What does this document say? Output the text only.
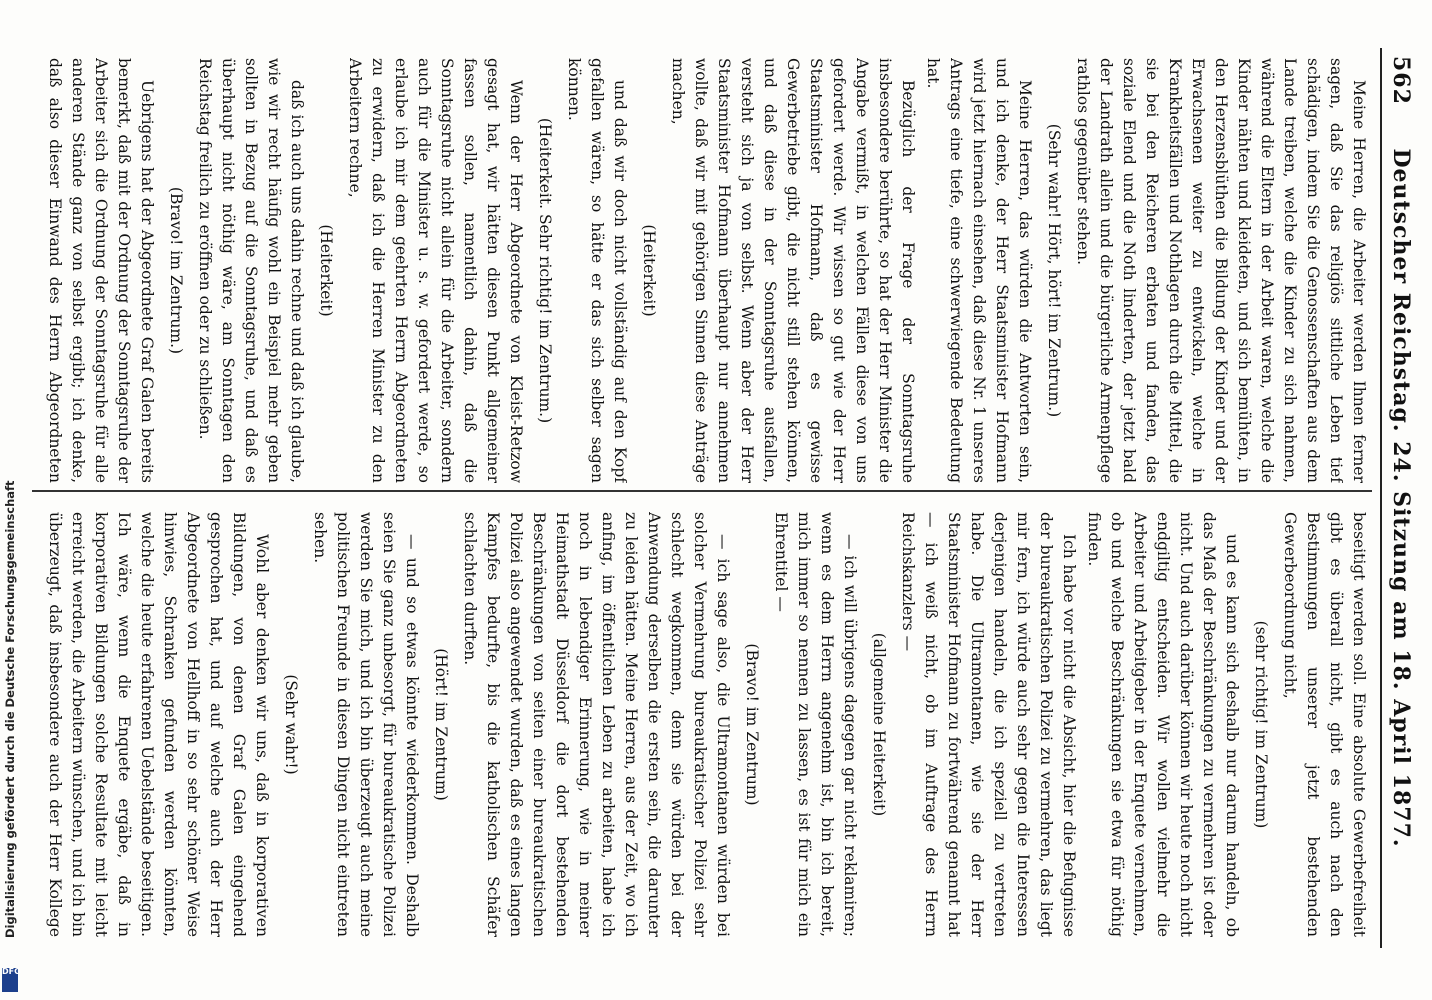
562
Deutscher Reichstag. 24. Sitzung am 18. April 1877.

Meine Herren, die Arbeiter werden Ihnen ferner sagen, daß Sie das religiös sittliche Leben tief schädigen, indem Sie die Genossenschaften aus dem Lande treiben, welche die Kinder zu sich nahmen, während die Eltern in der Arbeit waren, welche die Kinder nähten und kleideten, und sich bemühten, in den Herzensblüthen die Bildung der Kinder und der Erwachsenen weiter zu entwickeln, welche in Krankheitsfällen und Nothlagen durch die Mittel, die sie bei den Reicheren erbaten und fanden, das soziale Elend und die Noth linderten, der jetzt bald der Landrath allein und die bürgerliche Armenpflege rathlos gegenüber stehen.

(Sehr wahr! Hört, hört! im Zentrum.)

Meine Herren, das würden die Antworten sein, und ich denke, der Herr Staatsminister Hofmann wird jetzt hiernach einsehen, daß diese Nr. 1 unseres Antrags eine tiefe, eine schwerwiegende Bedeutung hat.

Bezüglich der Frage der Sonntagsruhe insbesondere berührte, so hat der Herr Minister die Angabe vermißt, in welchen Fällen diese von uns gefordert werde. Wir wissen so gut wie der Herr Staatsminister Hofmann, daß es gewisse Gewerbetriebe gibt, die nicht still stehen können, und daß diese in der Sonntagsruhe ausfallen, versteht sich ja von selbst. Wenn aber der Herr Staatsminister Hofmann überhaupt nur annehmen wollte, daß wir mit gehörigen Sinnen diese Anträge machen,

(Heiterkeit)

und daß wir doch nicht vollständig auf den Kopf gefallen wären, so hätte er das sich selber sagen können.

(Heiterkeit. Sehr richtig! im Zentrum.)

Wenn der Herr Abgeordnete von Kleist-Retzow gesagt hat, wir hätten diesen Punkt allgemeiner fassen sollen, namentlich dahin, daß die Sonntagsruhe nicht allein für die Arbeiter, sondern auch für die Minister u. s. w. gefordert werde, so erlaube ich mir dem geehrten Herrn Abgeordneten zu erwidern, daß ich die Herren Minister zu den Arbeitern rechne,

(Heiterkeit)

daß ich auch uns dahin rechne und daß ich glaube, wie wir recht häufig wohl ein Beispiel mehr geben sollten in Bezug auf die Sonntagsruhe, und daß es überhaupt nicht nöthig wäre, am Sonntagen den Reichstag freilich zu eröffnen oder zu schließen.

(Bravo! im Zentrum.)

Uebrigens hat der Abgeordnete Graf Galen bereits bemerkt, daß mit der Ordnung der Sonntagsruhe der Arbeiter sich die Ordnung der Sonntagsruhe für alle anderen Stände ganz von selbst ergibt; ich denke, daß also dieser Einwand des Herrn Abgeordneten

beseitigt werden soll. Eine absolute Gewerbefreiheit gibt es überall nicht, gibt es auch nach den Bestimmungen unserer jetzt bestehenden Gewerbeordnung nicht,

(sehr richtig! im Zentrum)

und es kann sich deshalb nur darum handeln, ob das Maß der Beschränkungen zu vermehren ist oder nicht. Und auch darüber können wir heute noch nicht endgiltig entscheiden. Wir wollen vielmehr die Arbeiter und Arbeitgeber in der Enquete vernehmen, ob und welche Beschränkungen sie etwa für nöthig finden.

Ich habe vor nicht die Absicht, hier die Befugnisse der bureaukratischen Polizei zu vermehren, das liegt mir fern, ich würde auch sehr gegen die Interessen derjenigen handeln, die ich speziell zu vertreten habe. Die Ultramontanen, wie sie der Herr Staatsminister Hofmann zu fortwährend genannt hat — ich weiß nicht, ob im Auftrage des Herrn Reichskanzlers —

(allgemeine Heiterkeit)

— ich will übrigens dagegen gar nicht reklamiren; wenn es dem Herrn angenehm ist, bin ich bereit, mich immer so nennen zu lassen, es ist für mich ein Ehrentitel —

(Bravo! im Zentrum)

— ich sage also, die Ultramontanen würden bei solcher Vermehrung bureaukratischer Polizei sehr schlecht wegkommen, denn sie würden bei der Anwendung derselben die ersten sein, die darunter zu leiden hätten. Meine Herren, aus der Zeit, wo ich anfing, im öffentlichen Leben zu arbeiten, habe ich noch in lebendiger Erinnerung, wie in meiner Heimathstadt Düsseldorf die dort bestehenden Beschränkungen von seiten einer bureaukratischen Polizei also angewendet wurden, daß es eines langen Kampfes bedurfte, bis die katholischen Schäfer schlachten durften.

(Hört! im Zentrum)

— und so etwas könnte wiederkommen. Deshalb seien Sie ganz unbesorgt, für bureaukratische Polizei werden Sie mich, und ich bin überzeugt auch meine politischen Freunde in diesen Dingen nicht eintreten sehen.

(Sehr wahr!)

Wohl aber denken wir uns, daß in korporativen Bildungen, von denen Graf Galen eingehend gesprochen hat, und auf welche auch der Herr Abgeordnete von Hellhoff in so sehr schöner Weise hinwies, Schranken gefunden werden könnten, welche die heute erfahrenen Uebelstände beseitigen. Ich wäre, wenn die Enquete ergäbe, daß in korporativen Bildungen solche Resultate mit leicht erreicht werden, die Arbeitern wünschen, und ich bin überzeugt, daß insbesondere auch der Herr Kollege

Digitalisierung gefördert durch die Deutsche Forschungsgemeinschaft
DFG
